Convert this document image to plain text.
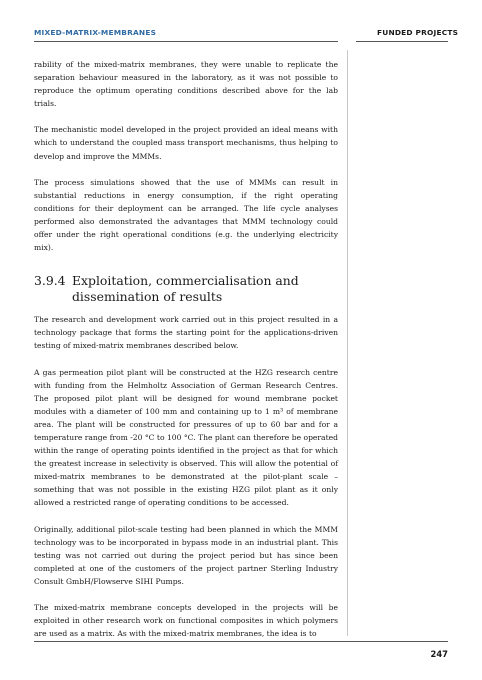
MIXED-MATRIX-MEMBRANES	FUNDED PROJECTS

rability of the mixed-matrix membranes, they were unable to replicate the separation behaviour measured in the laboratory, as it was not possible to reproduce the optimum operating conditions described above for the lab trials.

The mechanistic model developed in the project provided an ideal means with which to understand the coupled mass transport mechanisms, thus helping to develop and improve the MMMs.

The process simulations showed that the use of MMMs can result in substantial reductions in energy consumption, if the right operating conditions for their deployment can be arranged. The life cycle analyses performed also demonstrated the advantages that MMM technology could offer under the right operational conditions (e.g. the underlying electricity mix).

3.9.4 Exploitation, commercialisation and dissemination of results

The research and development work carried out in this project resulted in a technology package that forms the starting point for the applications-driven testing of mixed-matrix membranes described below.

A gas permeation pilot plant will be constructed at the HZG research centre with funding from the Helmholtz Association of German Research Centres. The proposed pilot plant will be designed for wound membrane pocket modules with a diameter of 100 mm and containing up to 1 m³ of membrane area. The plant will be constructed for pressures of up to 60 bar and for a temperature range from -20 °C to 100 °C. The plant can therefore be operated within the range of operating points identified in the project as that for which the greatest increase in selectivity is observed. This will allow the potential of mixed-matrix membranes to be demonstrated at the pilot-plant scale – something that was not possible in the existing HZG pilot plant as it only allowed a restricted range of operating conditions to be accessed.

Originally, additional pilot-scale testing had been planned in which the MMM technology was to be incorporated in bypass mode in an industrial plant. This testing was not carried out during the project period but has since been completed at one of the customers of the project partner Sterling Industry Consult GmbH/Flowserve SIHI Pumps.

The mixed-matrix membrane concepts developed in the projects will be exploited in other research work on functional composites in which polymers are used as a matrix. As with the mixed-matrix membranes, the idea is to

247
